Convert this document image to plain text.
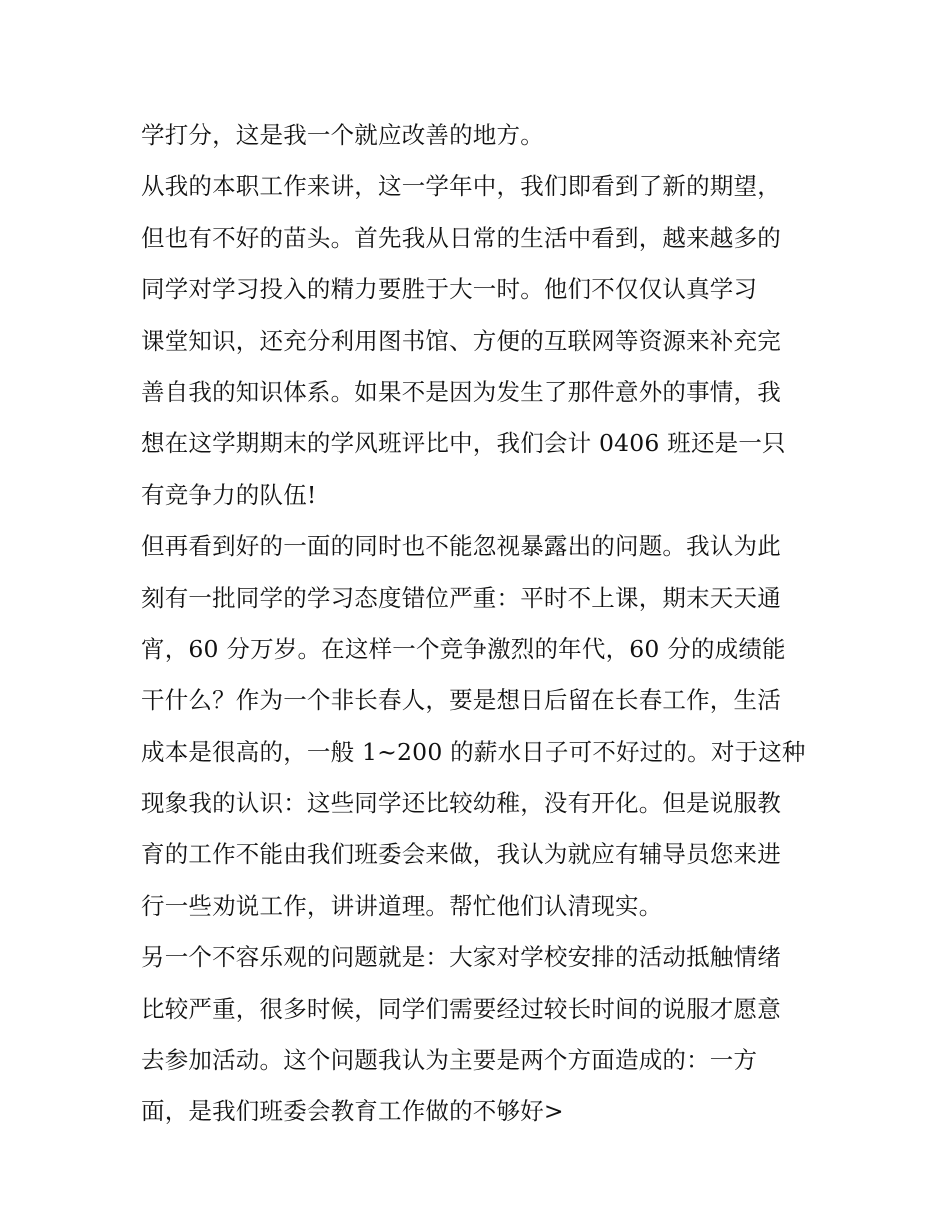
学打分，这是我一个就应改善的地方。
从我的本职工作来讲，这一学年中，我们即看到了新的期望，
但也有不好的苗头。首先我从日常的生活中看到，越来越多的
同学对学习投入的精力要胜于大一时。他们不仅仅认真学习
课堂知识，还充分利用图书馆、方便的互联网等资源来补充完
善自我的知识体系。如果不是因为发生了那件意外的事情，我
想在这学期期末的学风班评比中，我们会计 0406 班还是一只
有竞争力的队伍!
但再看到好的一面的同时也不能忽视暴露出的问题。我认为此
刻有一批同学的学习态度错位严重：平时不上课，期末天天通
宵，60 分万岁。在这样一个竞争激烈的年代，60 分的成绩能
干什么？作为一个非长春人，要是想日后留在长春工作，生活
成本是很高的，一般 1~200 的薪水日子可不好过的。对于这种
现象我的认识：这些同学还比较幼稚，没有开化。但是说服教
育的工作不能由我们班委会来做，我认为就应有辅导员您来进
行一些劝说工作，讲讲道理。帮忙他们认清现实。
另一个不容乐观的问题就是：大家对学校安排的活动抵触情绪
比较严重，很多时候，同学们需要经过较长时间的说服才愿意
去参加活动。这个问题我认为主要是两个方面造成的：一方
面，是我们班委会教育工作做的不够好>
